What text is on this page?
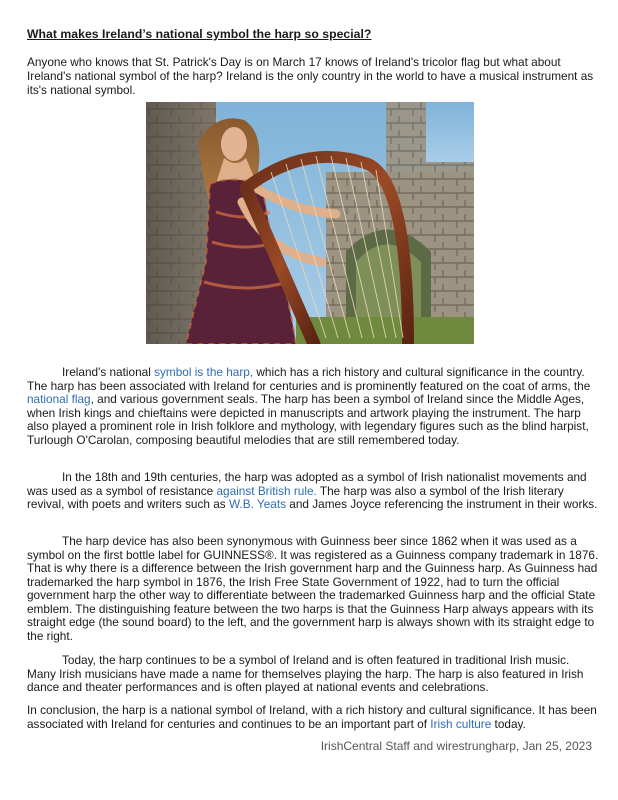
What makes Ireland’s national symbol the harp so special?

Anyone who knows that St. Patrick's Day is on March 17 knows of Ireland's tricolor flag but what about Ireland's national symbol of the harp? Ireland is the only country in the world to have a musical instrument as its's national symbol.

Ireland's national symbol is the harp, which has a rich history and cultural significance in the country. The harp has been associated with Ireland for centuries and is prominently featured on the coat of arms, the national flag, and various government seals. The harp has been a symbol of Ireland since the Middle Ages, when Irish kings and chieftains were depicted in manuscripts and artwork playing the instrument. The harp also played a prominent role in Irish folklore and mythology, with legendary figures such as the blind harpist, Turlough O'Carolan, composing beautiful melodies that are still remembered today.

In the 18th and 19th centuries, the harp was adopted as a symbol of Irish nationalist movements and was used as a symbol of resistance against British rule. The harp was also a symbol of the Irish literary revival, with poets and writers such as W.B. Yeats and James Joyce referencing the instrument in their works.

The harp device has also been synonymous with Guinness beer since 1862 when it was used as a symbol on the first bottle label for GUINNESS®. It was registered as a Guinness company trademark in 1876. That is why there is a difference between the Irish government harp and the Guinness harp. As Guinness had trademarked the harp symbol in 1876, the Irish Free State Government of 1922, had to turn the official government harp the other way to differentiate between the trademarked Guinness harp and the official State emblem. The distinguishing feature between the two harps is that the Guinness Harp always appears with its straight edge (the sound board) to the left, and the government harp is always shown with its straight edge to the right.

Today, the harp continues to be a symbol of Ireland and is often featured in traditional Irish music. Many Irish musicians have made a name for themselves playing the harp. The harp is also featured in Irish dance and theater performances and is often played at national events and celebrations.

In conclusion, the harp is a national symbol of Ireland, with a rich history and cultural significance. It has been associated with Ireland for centuries and continues to be an important part of Irish culture today.

IrishCentral Staff and wirestrungharp, Jan 25, 2023
